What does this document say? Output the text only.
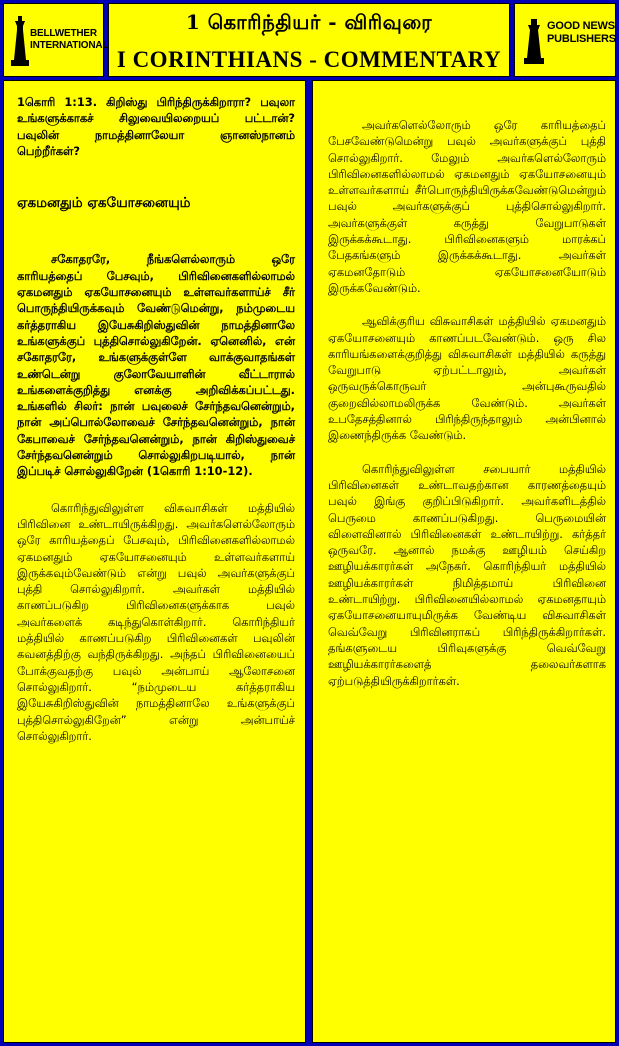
BELLWETHER
INTERNATIONAL
1 கொரிந்தியர் - விரிவுரை
I CORINTHIANS - COMMENTARY
GOOD NEWS
PUBLISHERS

1கொரி 1:13. கிறிஸ்து பிரிந்திருக்கிறாரா? பவுலா உங்களுக்காகச் சிலுவையிலறையப் பட்டான்? பவுலின் நாமத்தினாலேயா ஞானஸ்நானம் பெற்றீர்கள்?

ஏகமனதும் ஏகயோசனையும்

சகோதரரே, நீங்களெல்லாரும் ஒரே காரியத்தைப் பேசவும், பிரிவினைகளில்லாமல் ஏகமனதும் ஏகயோசனையும் உள்ளவர்களாய்ச் சீர் பொருந்தியிருக்கவும் வேண்டுமென்று, நம்முடைய கர்த்தராகிய இயேசுகிறிஸ்துவின் நாமத்தினாலே உங்களுக்குப் புத்திசொல்லுகிறேன். ஏனெனில், என் சகோதரரே, உங்களுக்குள்ளே வாக்குவாதங்கள் உண்டென்று குலோவேயாளின் வீட்டாரால் உங்களைக்குறித்து எனக்கு அறிவிக்கப்பட்டது. உங்களில் சிலர்: நான் பவுலைச் சேர்ந்தவனென்றும், நான் அப்பொல்லோவைச் சேர்ந்தவனென்றும், நான் கேபாவைச் சேர்ந்தவனென்றும், நான் கிறிஸ்துவைச் சேர்ந்தவனென்றும் சொல்லுகிறபடியால், நான் இப்படிச் சொல்லுகிறேன் (1கொரி 1:10-12).

கொரிந்துவிலுள்ள விசுவாசிகள் மத்தியில் பிரிவினை உண்டாயிருக்கிறது. அவர்களெல்லோரும் ஒரே காரியத்தைப் பேசவும், பிரிவினைகளில்லாமல் ஏகமனதும் ஏகயோசனையும் உள்ளவர்களாய் இருக்கவும்வேண்டும் என்று பவுல் அவர்களுக்குப் புத்தி சொல்லுகிறார். அவர்கள் மத்தியில் காணப்படுகிற பிரிவினைகளுக்காக பவுல் அவர்களைக் கடிந்துகொள்கிறார். கொரிந்தியர் மத்தியில் காணப்படுகிற பிரிவினைகள் பவுலின் கவனத்திற்கு வந்திருக்கிறது. அந்தப் பிரிவினையைப் போக்குவதற்கு பவுல் அன்பாய் ஆலோசனை சொல்லுகிறார். “நம்முடைய கர்த்தராகிய இயேசுகிறிஸ்துவின் நாமத்தினாலே உங்களுக்குப் புத்திசொல்லுகிறேன்” என்று அன்பாய்ச் சொல்லுகிறார்.

அவர்களெல்லோரும் ஒரே காரியத்தைப் பேசவேண்டுமென்று பவுல் அவர்களுக்குப் புத்தி சொல்லுகிறார். மேலும் அவர்களெல்லோரும் பிரிவினைகளில்லாமல் ஏகமனதும் ஏகயோசனையும் உள்ளவர்களாய் சீர்பொருந்தியிருக்கவேண்டுமென்றும் பவுல் அவர்களுக்குப் புத்திசொல்லுகிறார். அவர்களுக்குள் கருத்து வேறுபாடுகள் இருக்கக்கூடாது. பிரிவினைகளும் மாரக்கப் பேதகங்களும் இருக்கக்கூடாது. அவர்கள் ஏகமனதோடும் ஏகயோசனையோடும் இருக்கவேண்டும்.

ஆவிக்குரிய விசுவாசிகள் மத்தியில் ஏகமனதும் ஏகயோசனையும் காணப்படவேண்டும். ஒரு சில காரியங்களைக்குறித்து விசுவாசிகள் மத்தியில் கருத்து வேறுபாடு ஏற்பட்டாலும், அவர்கள் ஒருவருக்கொருவர் அன்புகூருவதில் குறைவில்லாமலிருக்க வேண்டும். அவர்கள் உபதேசத்தினால் பிரிந்திருந்தாலும் அன்பினால் இணைந்திருக்க வேண்டும்.

கொரிந்துவிலுள்ள சபையார் மத்தியில் பிரிவினைகள் உண்டாவதற்கான காரணத்தையும் பவுல் இங்கு குறிப்பிடுகிறார். அவர்களிடத்தில் பெருமை காணப்படுகிறது. பெருமையின் விளைவினால் பிரிவினைகள் உண்டாயிற்று. கர்த்தர் ஒருவரே. ஆனால் நமக்கு ஊழியம் செய்கிற ஊழியக்காரர்கள் அநேகர். கொரிந்தியர் மத்தியில் ஊழியக்காரர்கள் நிமித்தமாய் பிரிவினை உண்டாயிற்று. பிரிவினையில்லாமல் ஏகமனதாயும் ஏகயோசனையாயுமிருக்க வேண்டிய விசுவாசிகள் வெவ்வேறு பிரிவினராகப் பிரிந்திருக்கிறார்கள். தங்களுடைய பிரிவுகளுக்கு வெவ்வேறு ஊழியக்காரர்களைத் தலைவர்களாக ஏற்படுத்தியிருக்கிறார்கள்.
